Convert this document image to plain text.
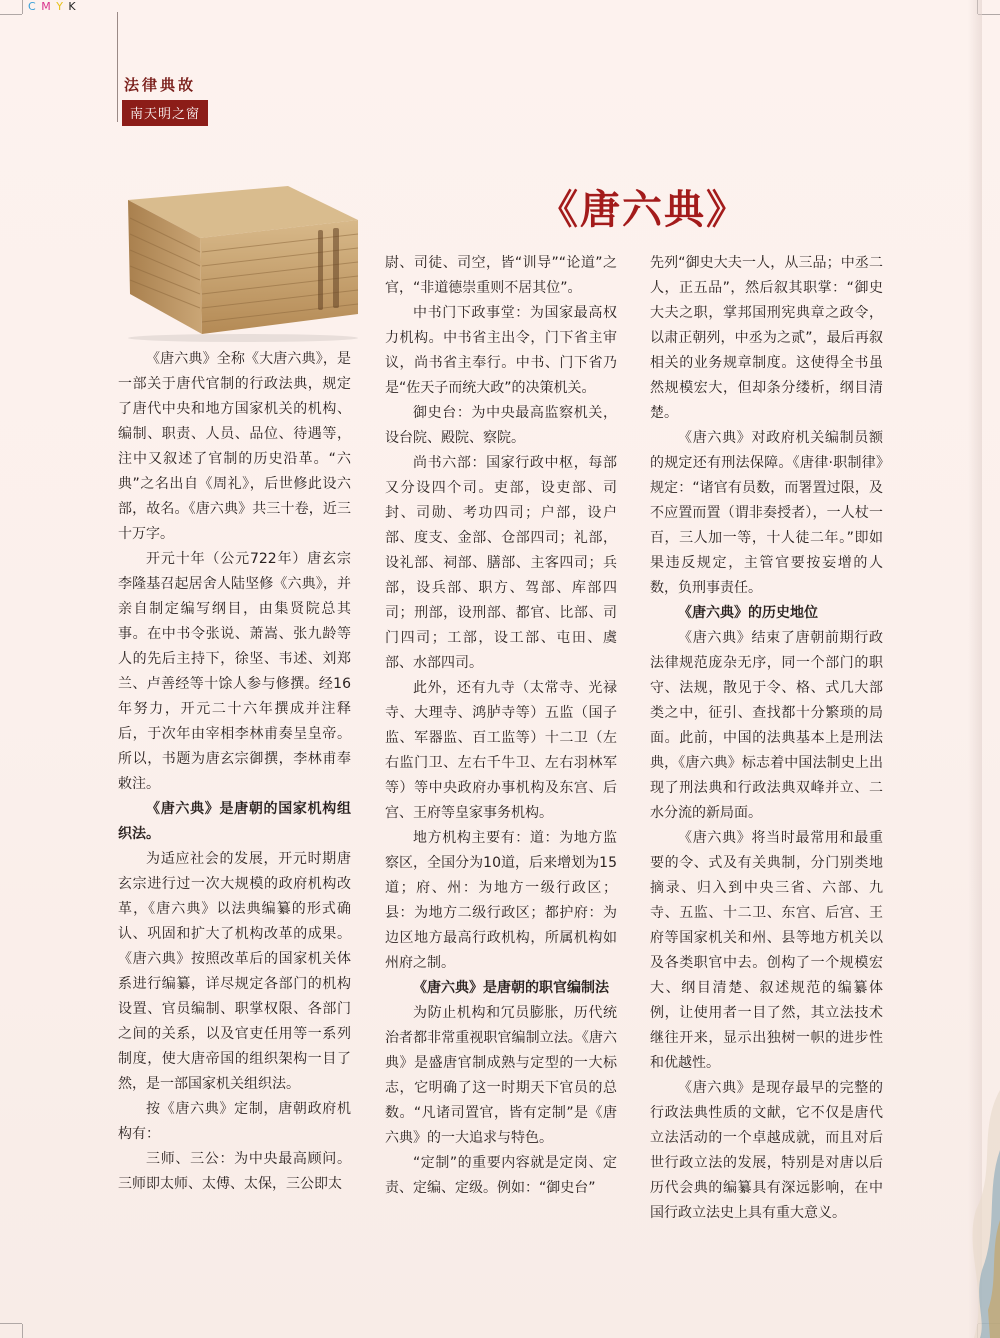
C M Y K
法律典故
南天明之窗
《唐六典》

《唐六典》全称《大唐六典》，是一部关于唐代官制的行政法典，规定了唐代中央和地方国家机关的机构、编制、职责、人员、品位、待遇等，注中又叙述了官制的历史沿革。“六典”之名出自《周礼》，后世修此设六部，故名。《唐六典》共三十卷，近三十万字。

开元十年（公元722年）唐玄宗李隆基召起居舍人陆坚修《六典》，并亲自制定编写纲目，由集贤院总其事。在中书令张说、萧嵩、张九龄等人的先后主持下，徐坚、韦述、刘郑兰、卢善经等十馀人参与修撰。经16年努力，开元二十六年撰成并注释后，于次年由宰相李林甫奏呈皇帝。所以，书题为唐玄宗御撰，李林甫奉敕注。

《唐六典》是唐朝的国家机构组织法。

为适应社会的发展，开元时期唐玄宗进行过一次大规模的政府机构改革，《唐六典》以法典编纂的形式确认、巩固和扩大了机构改革的成果。《唐六典》按照改革后的国家机关体系进行编纂，详尽规定各部门的机构设置、官员编制、职掌权限、各部门之间的关系，以及官吏任用等一系列制度，使大唐帝国的组织架构一目了然，是一部国家机关组织法。

按《唐六典》定制，唐朝政府机构有：

三师、三公：为中央最高顾问。三师即太师、太傅、太保，三公即太

尉、司徒、司空，皆“训导”“论道”之官，“非道德崇重则不居其位”。

中书门下政事堂：为国家最高权力机构。中书省主出令，门下省主审议，尚书省主奉行。中书、门下省乃是“佐天子而统大政”的决策机关。

御史台：为中央最高监察机关，设台院、殿院、察院。

尚书六部：国家行政中枢，每部又分设四个司。吏部，设吏部、司封、司勋、考功四司；户部，设户部、度支、金部、仓部四司；礼部，设礼部、祠部、膳部、主客四司；兵部，设兵部、职方、驾部、库部四司；刑部，设刑部、都官、比部、司门四司；工部，设工部、屯田、虞部、水部四司。

此外，还有九寺（太常寺、光禄寺、大理寺、鸿胪寺等）五监（国子监、军器监、百工监等）十二卫（左右监门卫、左右千牛卫、左右羽林军等）等中央政府办事机构及东宫、后宫、王府等皇家事务机构。

地方机构主要有：道：为地方监察区，全国分为10道，后来增划为15道；府、州：为地方一级行政区；县：为地方二级行政区；都护府：为边区地方最高行政机构，所属机构如州府之制。

《唐六典》是唐朝的职官编制法

为防止机构和冗员膨胀，历代统治者都非常重视职官编制立法。《唐六典》是盛唐官制成熟与定型的一大标志，它明确了这一时期天下官员的总数。“凡诸司置官，皆有定制”是《唐六典》的一大追求与特色。

“定制”的重要内容就是定岗、定责、定编、定级。例如：“御史台”

先列“御史大夫一人，从三品；中丞二人，正五品”，然后叙其职掌：“御史大夫之职，掌邦国刑宪典章之政令，以肃正朝列，中丞为之贰”，最后再叙相关的业务规章制度。这使得全书虽然规模宏大，但却条分缕析，纲目清楚。

《唐六典》对政府机关编制员额的规定还有刑法保障。《唐律·职制律》规定：“诸官有员数，而署置过限，及不应置而置（谓非奏授者），一人杖一百，三人加一等，十人徒二年。”即如果违反规定，主管官要按妄增的人数，负刑事责任。

《唐六典》的历史地位

《唐六典》结束了唐朝前期行政法律规范庞杂无序，同一个部门的职守、法规，散见于令、格、式几大部类之中，征引、查找都十分繁琐的局面。此前，中国的法典基本上是刑法典，《唐六典》标志着中国法制史上出现了刑法典和行政法典双峰并立、二水分流的新局面。

《唐六典》将当时最常用和最重要的令、式及有关典制，分门别类地摘录、归入到中央三省、六部、九寺、五监、十二卫、东宫、后宫、王府等国家机关和州、县等地方机关以及各类职官中去。创构了一个规模宏大、纲目清楚、叙述规范的编纂体例，让使用者一目了然，其立法技术继往开来，显示出独树一帜的进步性和优越性。

《唐六典》是现存最早的完整的行政法典性质的文献，它不仅是唐代立法活动的一个卓越成就，而且对后世行政立法的发展，特别是对唐以后历代会典的编纂具有深远影响，在中国行政立法史上具有重大意义。
